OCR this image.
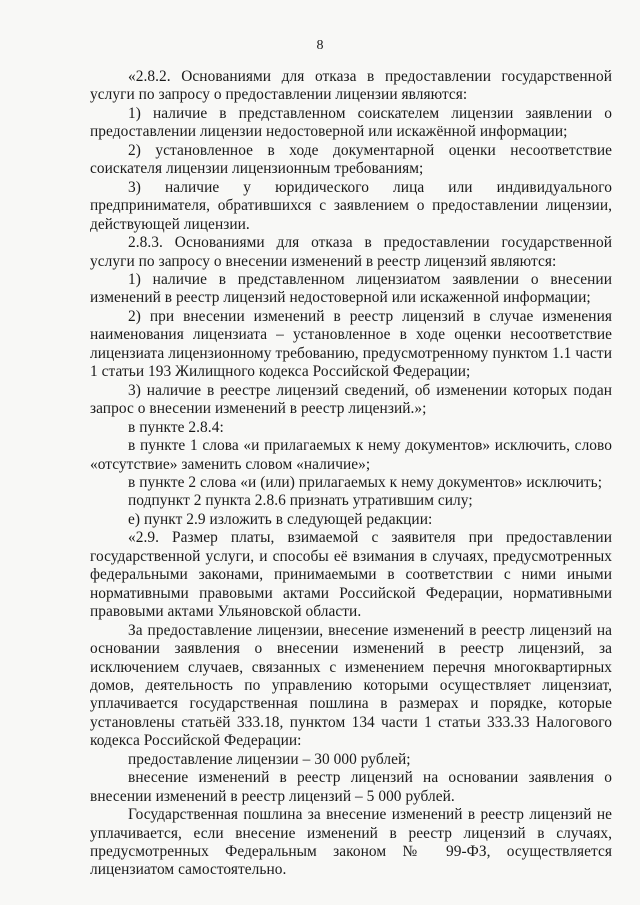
8

«2.8.2. Основаниями для отказа в предоставлении государственной услуги по запросу о предоставлении лицензии являются:

1) наличие в представленном соискателем лицензии заявлении о предоставлении лицензии недостоверной или искажённой информации;

2) установленное в ходе документарной оценки несоответствие соискателя лицензии лицензионным требованиям;

3) наличие у юридического лица или индивидуального предпринимателя, обратившихся с заявлением о предоставлении лицензии, действующей лицензии.

2.8.3. Основаниями для отказа в предоставлении государственной услуги по запросу о внесении изменений в реестр лицензий являются:

1) наличие в представленном лицензиатом заявлении о внесении изменений в реестр лицензий недостоверной или искаженной информации;

2) при внесении изменений в реестр лицензий в случае изменения наименования лицензиата – установленное в ходе оценки несоответствие лицензиата лицензионному требованию, предусмотренному пунктом 1.1 части 1 статьи 193 Жилищного кодекса Российской Федерации;

3) наличие в реестре лицензий сведений, об изменении которых подан запрос о внесении изменений в реестр лицензий.»;

в пункте 2.8.4:

в пункте 1 слова «и прилагаемых к нему документов» исключить, слово «отсутствие» заменить словом «наличие»;

в пункте 2 слова «и (или) прилагаемых к нему документов» исключить;

подпункт 2 пункта 2.8.6 признать утратившим силу;

е) пункт 2.9 изложить в следующей редакции:

«2.9. Размер платы, взимаемой с заявителя при предоставлении государственной услуги, и способы её взимания в случаях, предусмотренных федеральными законами, принимаемыми в соответствии с ними иными нормативными правовыми актами Российской Федерации, нормативными правовыми актами Ульяновской области.

За предоставление лицензии, внесение изменений в реестр лицензий на основании заявления о внесении изменений в реестр лицензий, за исключением случаев, связанных с изменением перечня многоквартирных домов, деятельность по управлению которыми осуществляет лицензиат, уплачивается государственная пошлина в размерах и порядке, которые установлены статьёй 333.18, пунктом 134 части 1 статьи 333.33 Налогового кодекса Российской Федерации:

предоставление лицензии – 30 000 рублей;

внесение изменений в реестр лицензий на основании заявления о внесении изменений в реестр лицензий – 5 000 рублей.

Государственная пошлина за внесение изменений в реестр лицензий не уплачивается, если внесение изменений в реестр лицензий в случаях, предусмотренных Федеральным законом № 99-ФЗ, осуществляется лицензиатом самостоятельно.
